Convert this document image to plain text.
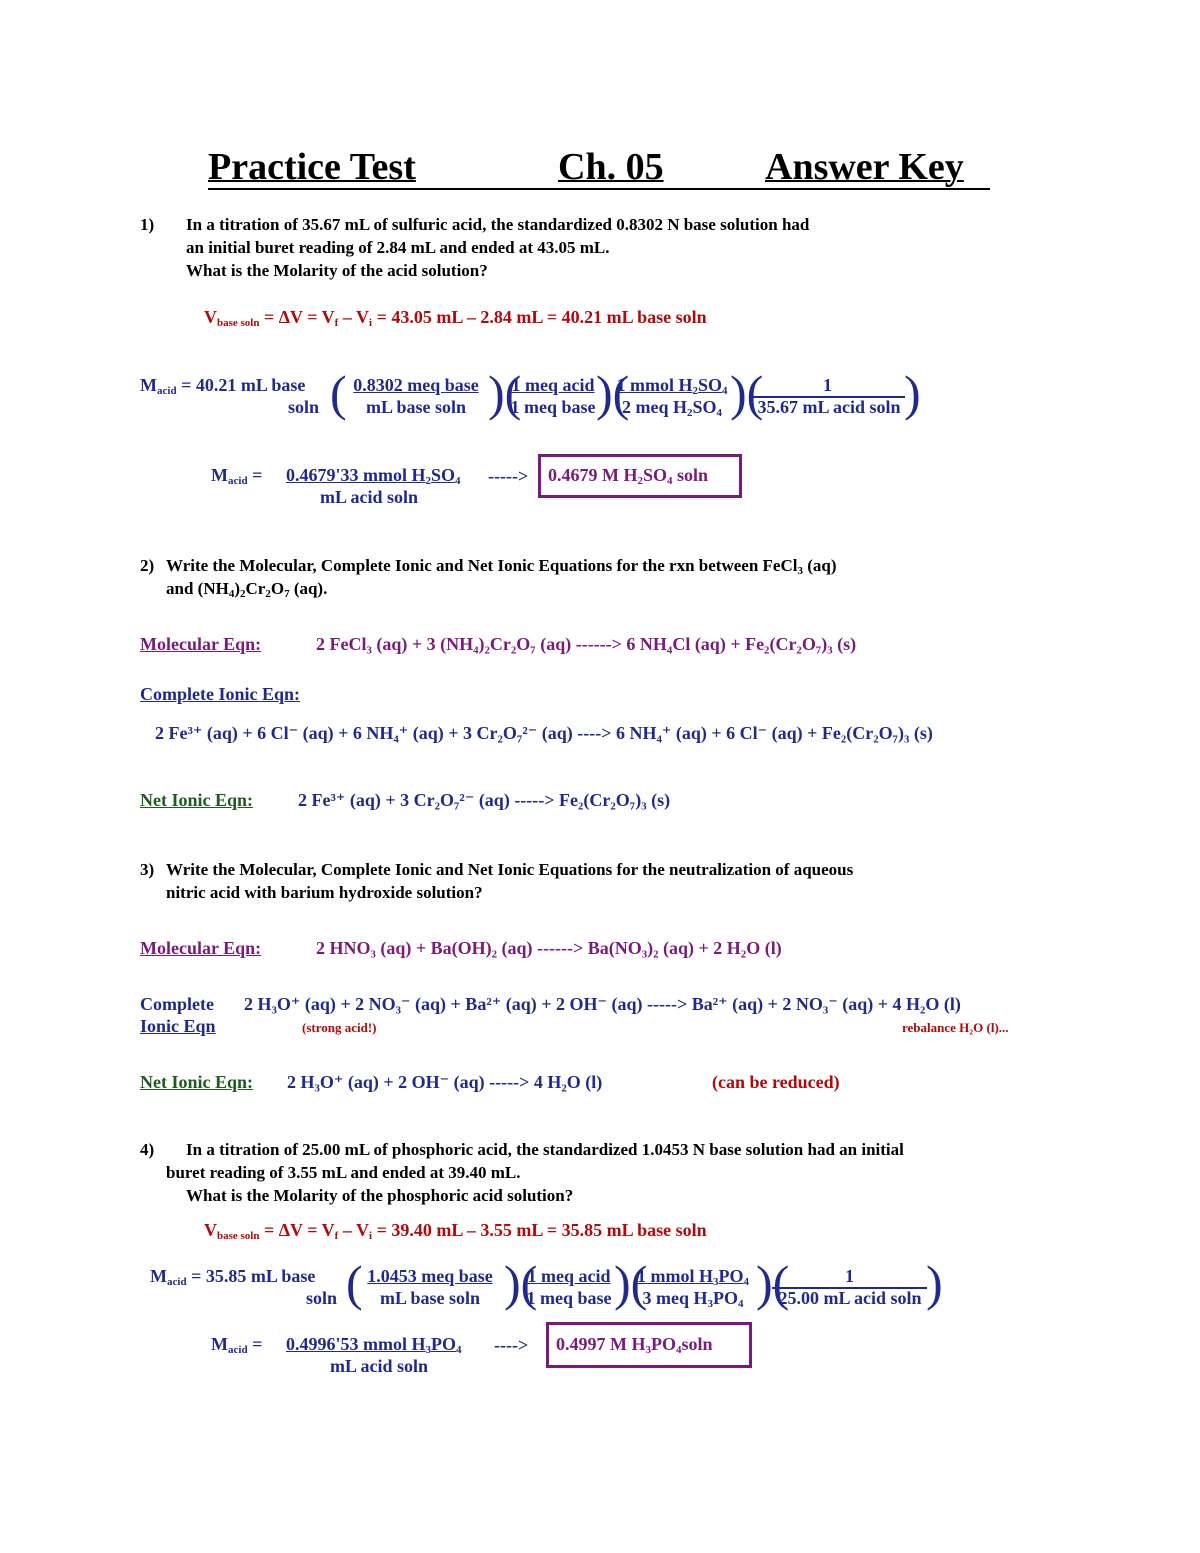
Practice Test	Ch. 05	Answer Key
1) In a titration of 35.67 mL of sulfuric acid, the standardized 0.8302 N base solution had
an initial buret reading of 2.84 mL and ended at 43.05 mL.
What is the Molarity of the acid solution?
$V_{base soln} = \Delta V = V_f - V_i = 43.05$ mL – 2.84 mL = 40.21 mL base soln
$M_{acid} = 40.21$ mL base
soln ( 0.8302 meq base
mL base soln )(
1 meq acid
1 meq base )(
1 mmol $H_2SO_4$
2 meq $H_2SO_4$ )(	1
35.67 mL acid soln )
$M_{acid} = 0.4679'33$ mmol $H_2SO_4$
mL acid soln
-----> 0.4679 M $H_2SO_4$ soln
2) Write the Molecular, Complete Ionic and Net Ionic Equations for the rxn between FeCl$_3$ (aq)
and $(NH_4)_2Cr_2O_7$ (aq).
Molecular Eqn:	2 FeCl₃ (aq) + 3 (NH₄)₂Cr₂O₇ (aq) ------> 6 NH₄Cl (aq) + Fe₂(Cr₂O₇)₃ (s)
Complete Ionic Eqn:
2 Fe³⁺ (aq) + 6 Cl⁻ (aq) + 6 NH₄⁺ (aq) + 3 Cr₂O₇²⁻ (aq) ----> 6 NH₄⁺ (aq) + 6 Cl⁻ (aq) + Fe₂(Cr₂O₇)₃ (s)
Net Ionic Eqn: 2 Fe³⁺ (aq) + 3 Cr₂O₇²⁻ (aq) -----> Fe₂(Cr₂O₇)₃ (s)
3) Write the Molecular, Complete Ionic and Net Ionic Equations for the neutralization of aqueous
nitric acid with barium hydroxide solution?
Molecular Eqn:	2 HNO₃ (aq) + Ba(OH)₂ (aq) ------> Ba(NO₃)₂ (aq) + 2 H₂O (l)
Complete
Ionic Eqn
2 H₃O⁺ (aq) + 2 NO₃⁻ (aq) + Ba²⁺ (aq) + 2 OH⁻ (aq) -----> Ba²⁺ (aq) + 2 NO₃⁻ (aq) + 4 H₂O (l)
(strong acid!)	rebalance H₂O (l)...
Net Ionic Eqn: 2 H₃O⁺ (aq) + 2 OH⁻ (aq) -----> 4 H₂O (l)	(can be reduced)
4) In a titration of 25.00 mL of phosphoric acid, the standardized 1.0453 N base solution had an initial
buret reading of 3.55 mL and ended at 39.40 mL.
What is the Molarity of the phosphoric acid solution?
$V_{base soln} = \Delta V = V_f - V_i = 39.40$ mL – 3.55 mL = 35.85 mL base soln
$M_{acid} = 35.85$ mL base
soln ( 1.0453 meq base
mL base soln )(
1 meq acid
1 meq base )(
1 mmol $H_3PO_4$
3 meq $H_3PO_4$ )(	1
25.00 mL acid soln )
$M_{acid} = 0.4996'53$ mmol $H_3PO_4$
mL acid soln
----> 0.4997 M $H_3PO_4soln$
